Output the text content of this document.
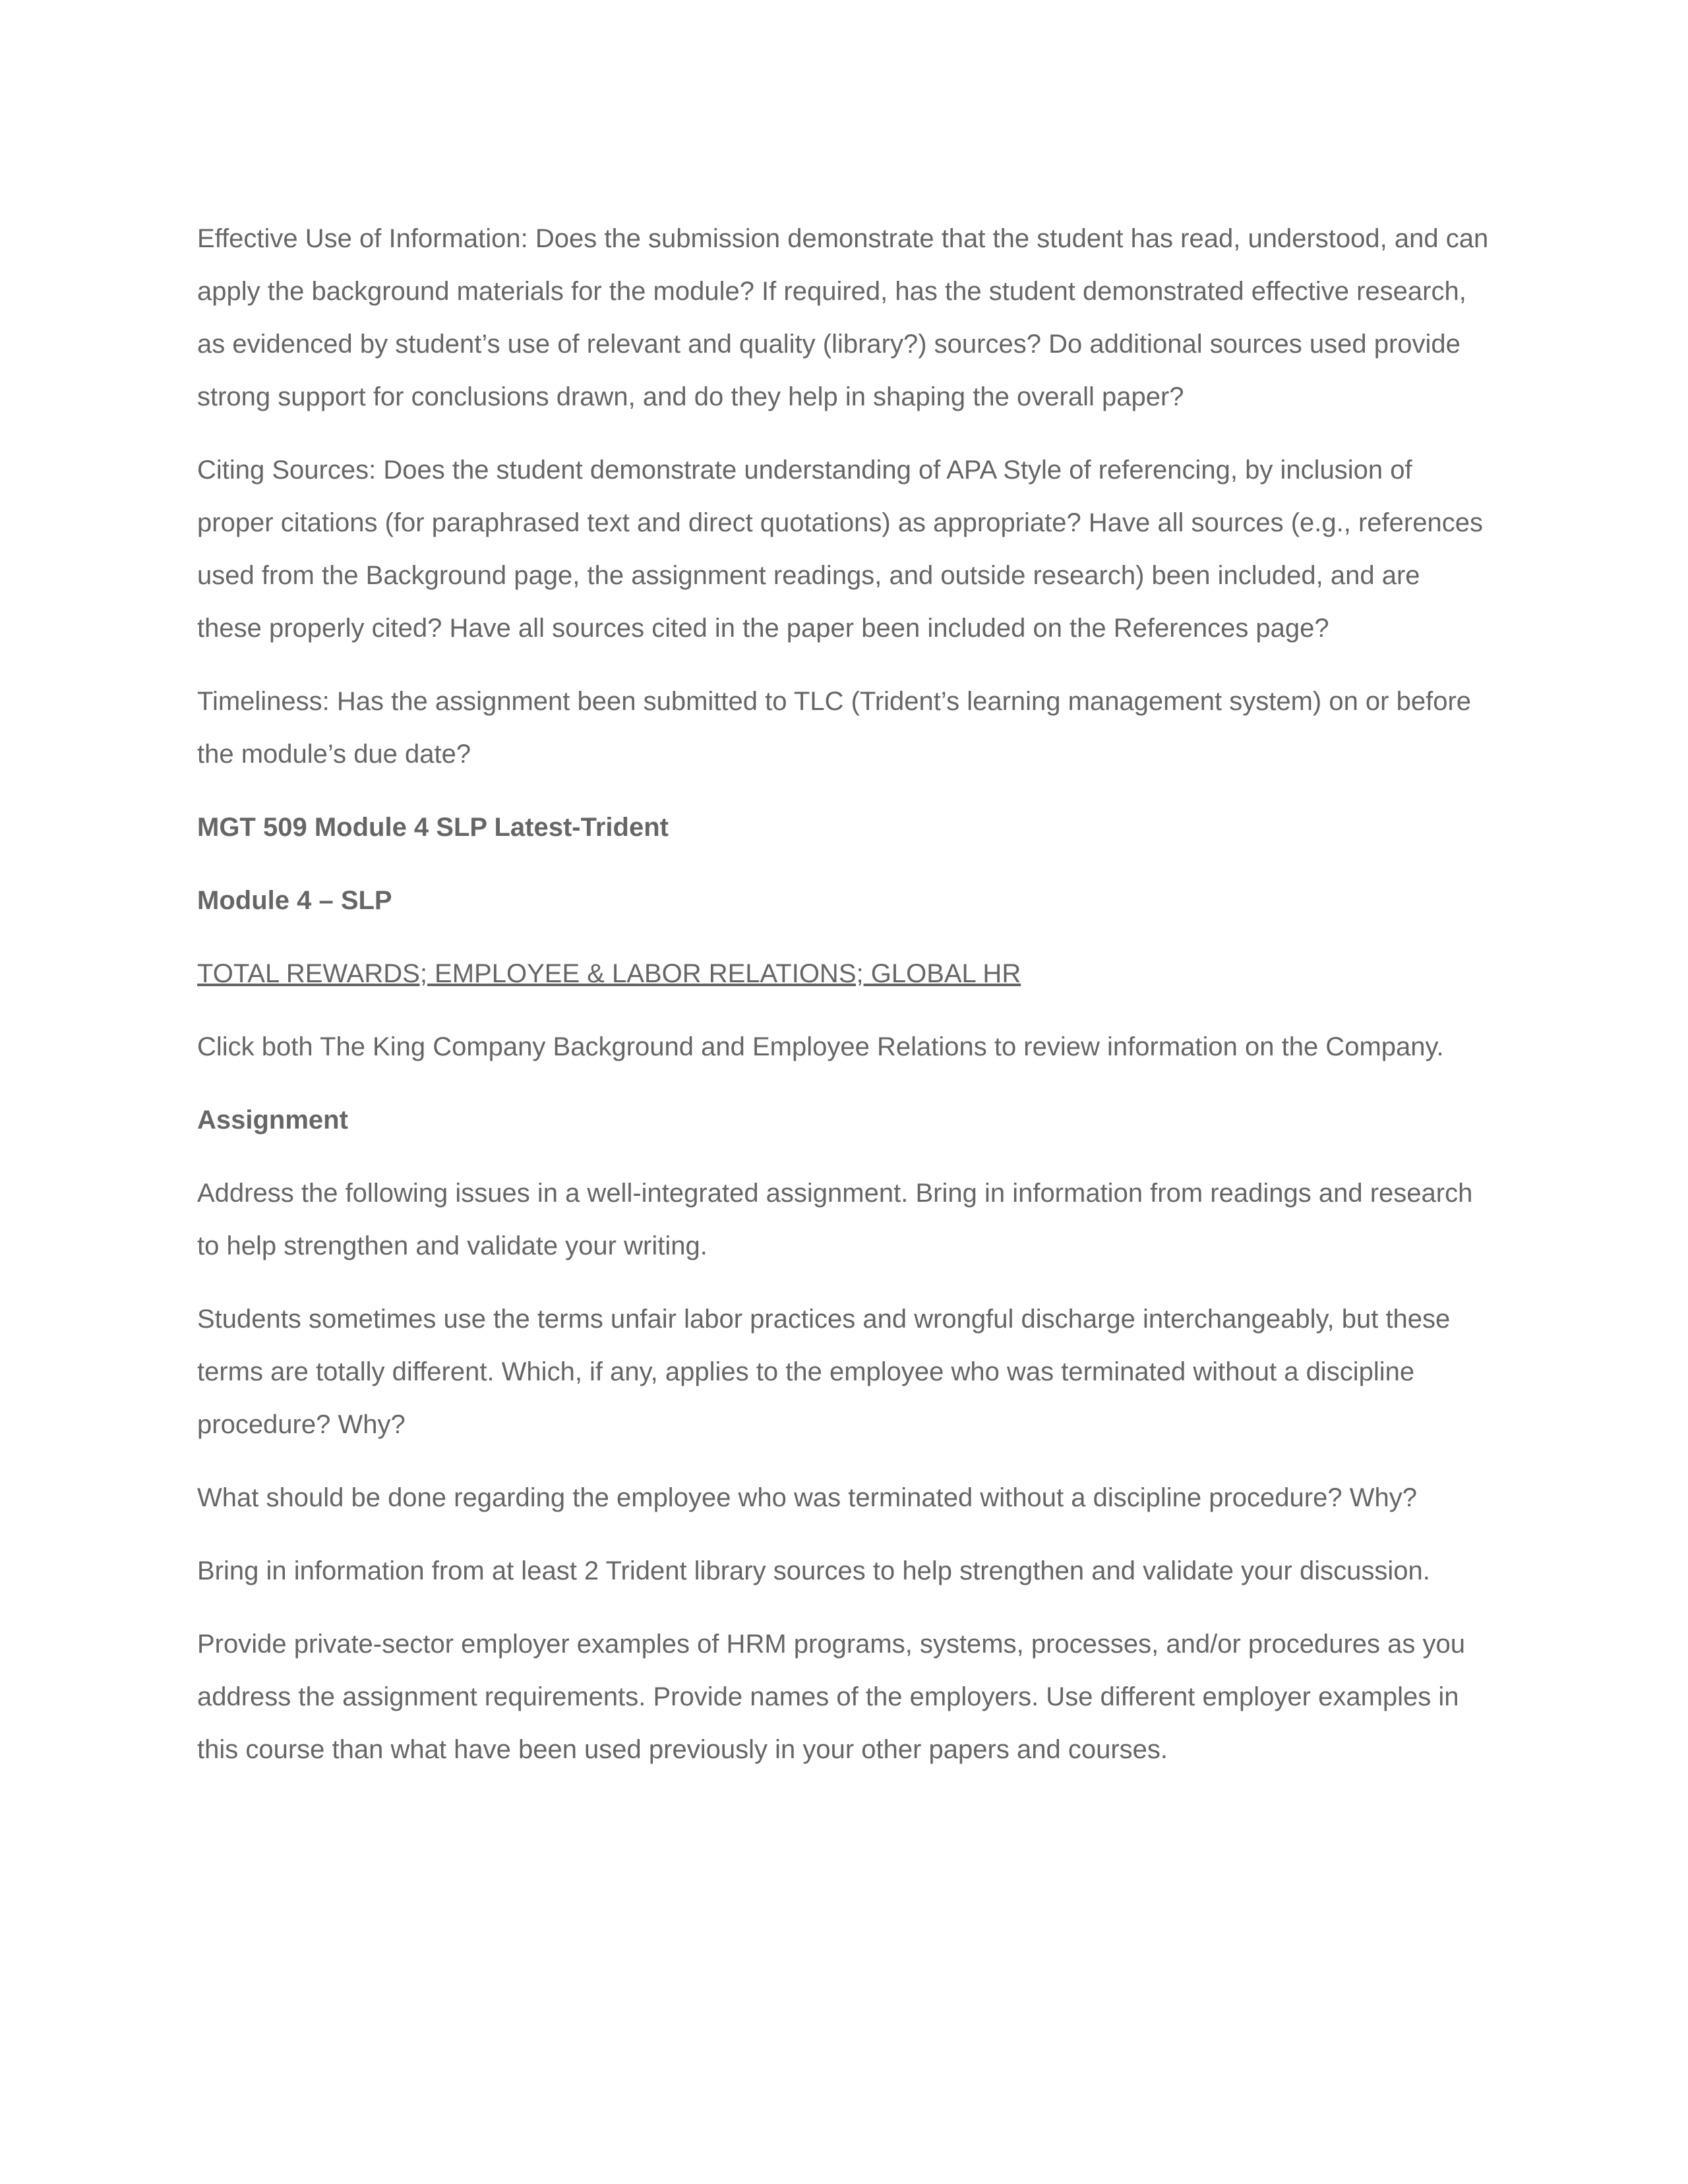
Effective Use of Information: Does the submission demonstrate that the student has read, understood, and can apply the background materials for the module? If required, has the student demonstrated effective research, as evidenced by student’s use of relevant and quality (library?) sources? Do additional sources used provide strong support for conclusions drawn, and do they help in shaping the overall paper?

Citing Sources: Does the student demonstrate understanding of APA Style of referencing, by inclusion of proper citations (for paraphrased text and direct quotations) as appropriate? Have all sources (e.g., references used from the Background page, the assignment readings, and outside research) been included, and are these properly cited? Have all sources cited in the paper been included on the References page?

Timeliness: Has the assignment been submitted to TLC (Trident’s learning management system) on or before the module’s due date?

MGT 509 Module 4 SLP Latest-Trident

Module 4 – SLP

TOTAL REWARDS; EMPLOYEE & LABOR RELATIONS; GLOBAL HR

Click both The King Company Background and Employee Relations to review information on the Company.

Assignment

Address the following issues in a well-integrated assignment. Bring in information from readings and research to help strengthen and validate your writing.

Students sometimes use the terms unfair labor practices and wrongful discharge interchangeably, but these terms are totally different. Which, if any, applies to the employee who was terminated without a discipline procedure? Why?

What should be done regarding the employee who was terminated without a discipline procedure? Why?

Bring in information from at least 2 Trident library sources to help strengthen and validate your discussion.

Provide private-sector employer examples of HRM programs, systems, processes, and/or procedures as you address the assignment requirements. Provide names of the employers. Use different employer examples in this course than what have been used previously in your other papers and courses.
